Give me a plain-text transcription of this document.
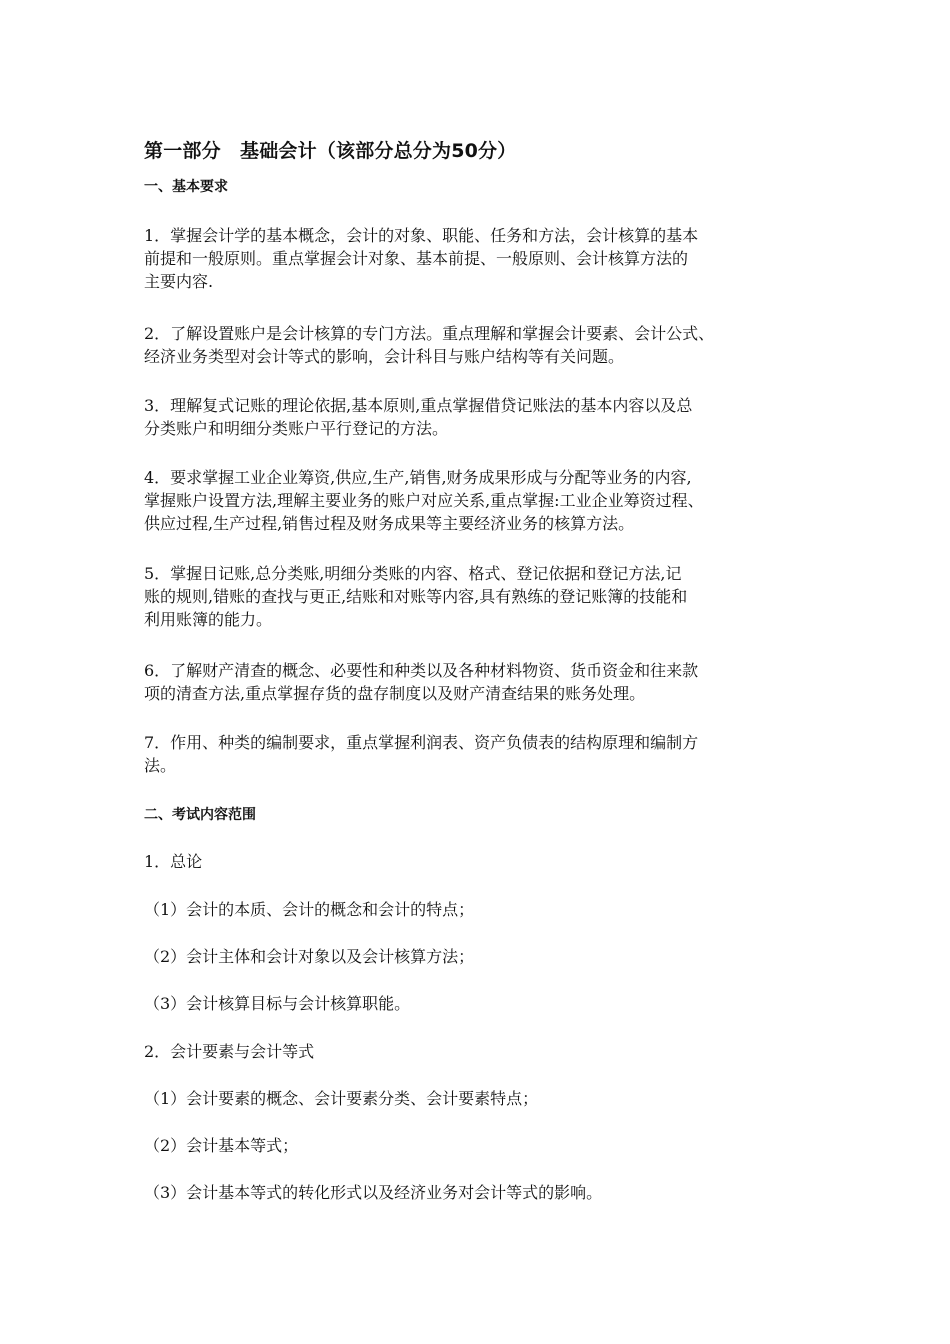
第一部分　基础会计（该部分总分为50分）
一、基本要求
1．掌握会计学的基本概念，会计的对象、职能、任务和方法，会计核算的基本
前提和一般原则。重点掌握会计对象、基本前提、一般原则、会计核算方法的
主要内容.
2．了解设置账户是会计核算的专门方法。重点理解和掌握会计要素、会计公式、
经济业务类型对会计等式的影响，会计科目与账户结构等有关问题。
3．理解复式记账的理论依据,基本原则,重点掌握借贷记账法的基本内容以及总
分类账户和明细分类账户平行登记的方法。
4．要求掌握工业企业筹资,供应,生产,销售,财务成果形成与分配等业务的内容,
掌握账户设置方法,理解主要业务的账户对应关系,重点掌握:工业企业筹资过程、
供应过程,生产过程,销售过程及财务成果等主要经济业务的核算方法。
5．掌握日记账,总分类账,明细分类账的内容、格式、登记依据和登记方法,记
账的规则,错账的查找与更正,结账和对账等内容,具有熟练的登记账簿的技能和
利用账簿的能力。
6．了解财产清查的概念、必要性和种类以及各种材料物资、货币资金和往来款
项的清查方法,重点掌握存货的盘存制度以及财产清查结果的账务处理。
7．作用、种类的编制要求，重点掌握利润表、资产负债表的结构原理和编制方
法。
二、考试内容范围
1．总论
（1）会计的本质、会计的概念和会计的特点；
（2）会计主体和会计对象以及会计核算方法；
（3）会计核算目标与会计核算职能。
2．会计要素与会计等式
（1）会计要素的概念、会计要素分类、会计要素特点；
（2）会计基本等式；
（3）会计基本等式的转化形式以及经济业务对会计等式的影响。
